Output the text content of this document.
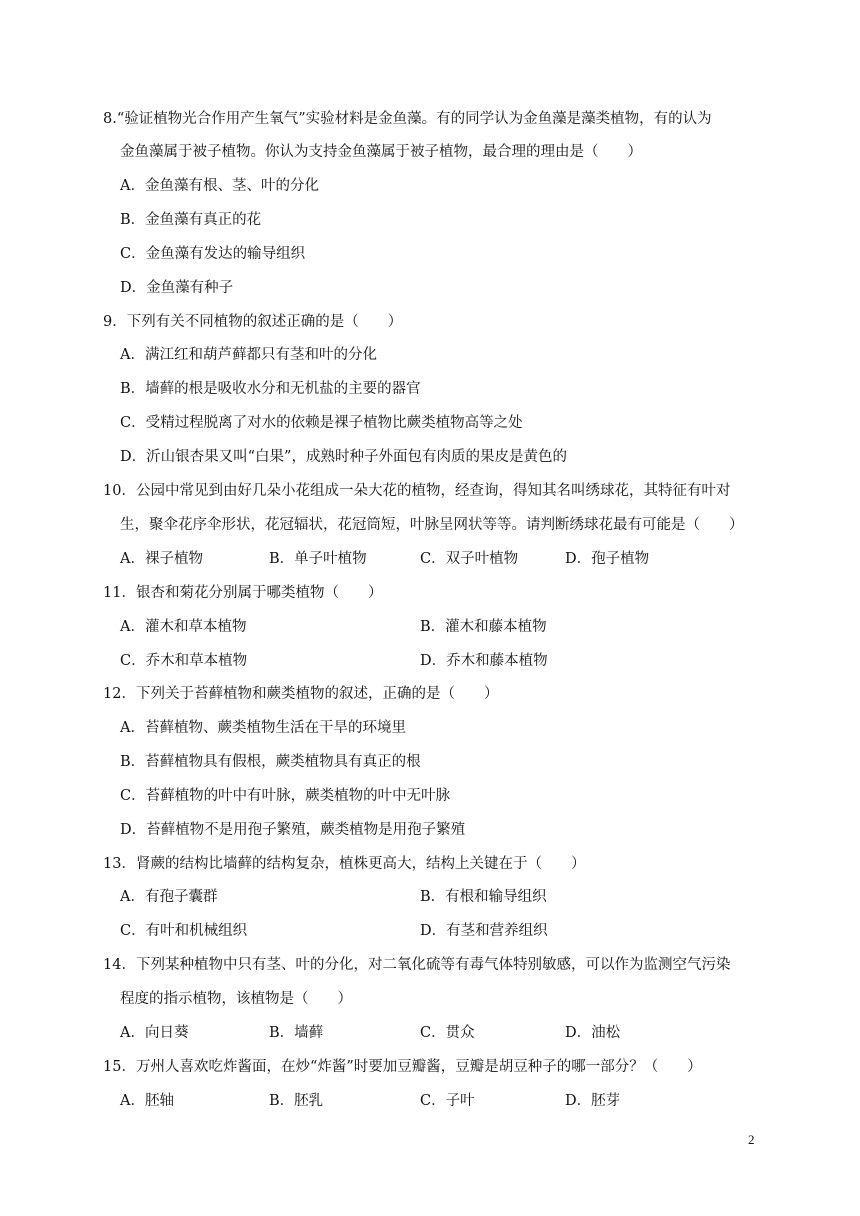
8.“验证植物光合作用产生氧气”实验材料是金鱼藻。有的同学认为金鱼藻是藻类植物，有的认为
金鱼藻属于被子植物。你认为支持金鱼藻属于被子植物，最合理的理由是（　　）
A．金鱼藻有根、茎、叶的分化
B．金鱼藻有真正的花
C．金鱼藻有发达的输导组织
D．金鱼藻有种子
9．下列有关不同植物的叙述正确的是（　　）
A．满江红和葫芦藓都只有茎和叶的分化
B．墙藓的根是吸收水分和无机盐的主要的器官
C．受精过程脱离了对水的依赖是裸子植物比蕨类植物高等之处
D．沂山银杏果又叫“白果”，成熟时种子外面包有肉质的果皮是黄色的
10．公园中常见到由好几朵小花组成一朵大花的植物，经查询，得知其名叫绣球花，其特征有叶对
生，聚伞花序伞形状，花冠辐状，花冠筒短，叶脉呈网状等等。请判断绣球花最有可能是（　　）
A．裸子植物	B．单子叶植物	C．双子叶植物	D．孢子植物
11．银杏和菊花分别属于哪类植物（　　）
A．灌木和草本植物	B．灌木和藤本植物
C．乔木和草本植物	D．乔木和藤本植物
12．下列关于苔藓植物和蕨类植物的叙述，正确的是（　　）
A．苔藓植物、蕨类植物生活在干旱的环境里
B．苔藓植物具有假根，蕨类植物具有真正的根
C．苔藓植物的叶中有叶脉，蕨类植物的叶中无叶脉
D．苔藓植物不是用孢子繁殖，蕨类植物是用孢子繁殖
13．肾蕨的结构比墙藓的结构复杂，植株更高大，结构上关键在于（　　）
A．有孢子囊群	B．有根和输导组织
C．有叶和机械组织	D．有茎和营养组织
14．下列某种植物中只有茎、叶的分化，对二氧化硫等有毒气体特别敏感，可以作为监测空气污染
程度的指示植物，该植物是（　　）
A．向日葵	B．墙藓	C．贯众	D．油松
15．万州人喜欢吃炸酱面，在炒“炸酱”时要加豆瓣酱，豆瓣是胡豆种子的哪一部分？（　　）
A．胚轴	B．胚乳	C．子叶	D．胚芽
2
